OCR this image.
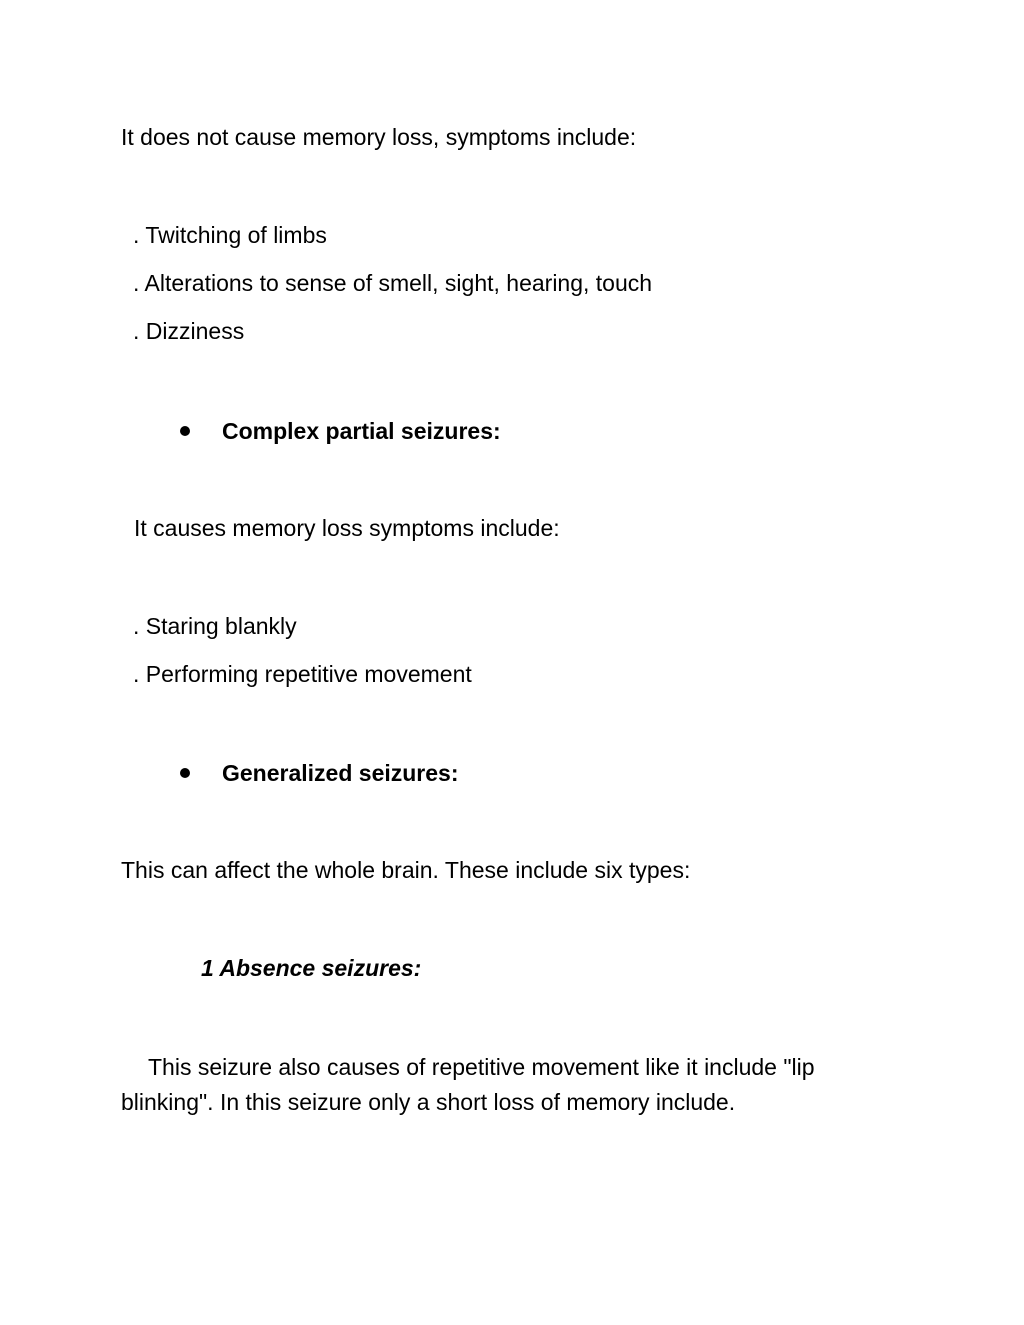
It does not cause memory loss, symptoms include:

. Twitching of limbs

. Alterations to sense of smell, sight, hearing, touch

. Dizziness

Complex partial seizures:

It causes memory loss symptoms include:

. Staring blankly

. Performing repetitive movement

Generalized seizures:

This can affect the whole brain. These include six types:

1 Absence seizures:

This seizure also causes of repetitive movement like it include "lip blinking". In this seizure only a short loss of memory include.
